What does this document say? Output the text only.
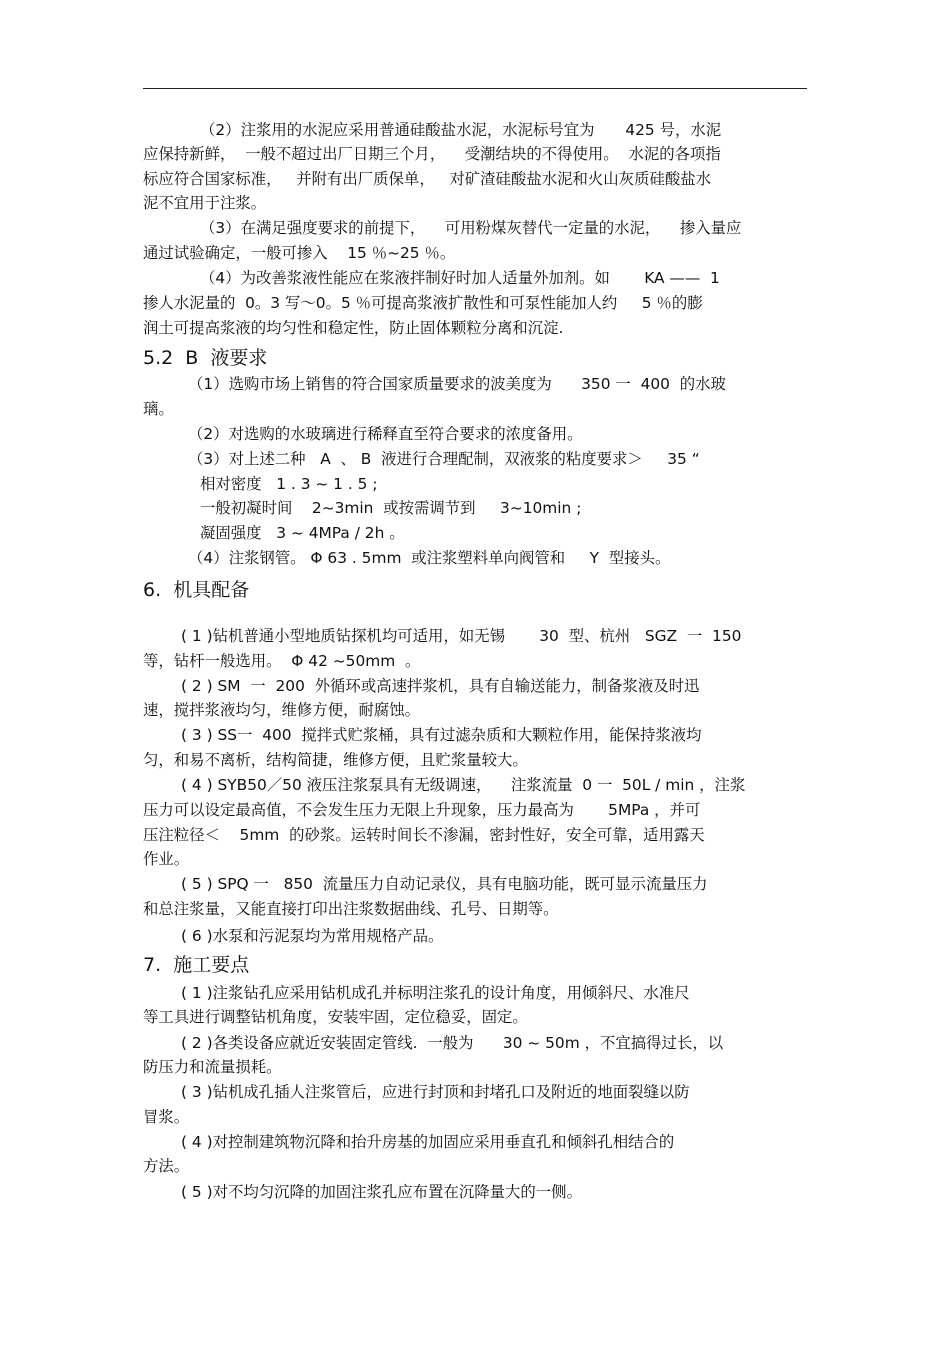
（2）注浆用的水泥应采用普通硅酸盐水泥，水泥标号宜为　　425 号，水泥
应保持新鲜，  一般不超过出厂日期三个月，    受潮结块的不得使用。  水泥的各项指
标应符合国家标准，   并附有出厂质保单，   对矿渣硅酸盐水泥和火山灰质硅酸盐水
泥不宜用于注浆。
（3）在满足强度要求的前提下，    可用粉煤灰替代一定量的水泥，    掺入量应
通过试验确定，一般可掺入    15 ％~25 ％。
（4）为改善浆液性能应在浆液拌制好时加人适量外加剂。如       KA ——  1
掺人水泥量的  0。3 写～0。5 ％可提高浆液扩散性和可泵性能加人约     5 ％的膨
润土可提高浆液的均匀性和稳定性，防止固体颗粒分离和沉淀.
5.2  B  液要求
（1）选购市场上销售的符合国家质量要求的波美度为      350 一  400  的水玻
璃。
（2）对选购的水玻璃进行稀释直至符合要求的浓度备用。
（3）对上述二种   A  、 B  液进行合理配制，双液浆的粘度要求＞     35 “
相对密度   1 . 3 ~ 1 . 5 ;
一般初凝时间    2~3min  或按需调节到     3~10min ;
凝固强度   3 ~ 4MPa / 2h 。
（4）注浆钢管。 Φ 63 . 5mm  或注浆塑料单向阀管和     Y  型接头。
6.  机具配备
( 1 )钻机普通小型地质钻探机均可适用，如无锡       30  型、杭州   SGZ  一  150
等，钻杆一般选用。  Φ 42 ~50mm  。
( 2 ) SM  一  200  外循环或高速拌浆机，具有自输送能力，制备浆液及时迅
速，搅拌浆液均匀，维修方便，耐腐蚀。
( 3 ) SS一  400  搅拌式贮浆桶，具有过滤杂质和大颗粒作用，能保持浆液均
匀，和易不离析，结构简捷，维修方便，且贮浆量较大。
( 4 ) SYB50／50 液压注浆泵具有无级调速，    注浆流量  0 一  50L / min ，注浆
压力可以设定最高值，不会发生压力无限上升现象，压力最高为       5MPa ，并可
压注粒径＜    5mm  的砂浆。运转时间长不渗漏，密封性好，安全可靠，适用露天
作业。
( 5 ) SPQ 一   850  流量压力自动记录仪，具有电脑功能，既可显示流量压力
和总注浆量，又能直接打印出注浆数据曲线、孔号、日期等。
( 6 )水泵和污泥泵均为常用规格产品。
7.  施工要点
( 1 )注浆钻孔应采用钻机成孔并标明注浆孔的设计角度，用倾斜尺、水准尺
等工具进行调整钻机角度，安装牢固，定位稳妥，固定。
( 2 )各类设备应就近安装固定管线.  一般为      30 ~ 50m ，不宜搞得过长，以
防压力和流量损耗。
( 3 )钻机成孔插人注浆管后，应进行封顶和封堵孔口及附近的地面裂缝以防
冒浆。
( 4 )对控制建筑物沉降和抬升房基的加固应采用垂直孔和倾斜孔相结合的
方法。
( 5 )对不均匀沉降的加固注浆孔应布置在沉降量大的一侧。
